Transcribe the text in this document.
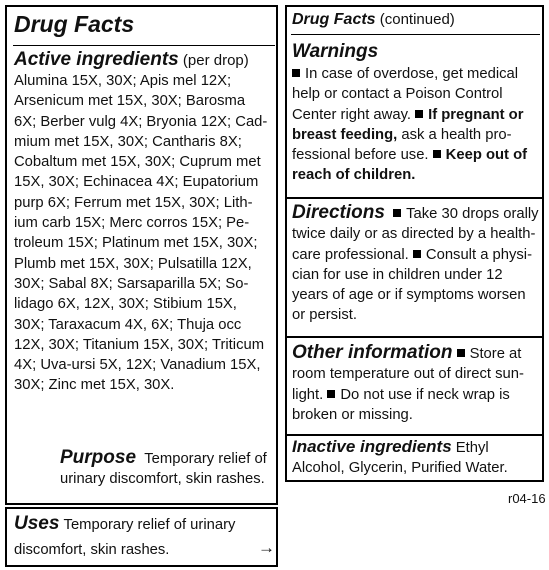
Drug Facts
Active ingredients (per drop)
Alumina 15X, 30X; Apis mel 12X;
Arsenicum met 15X, 30X; Barosma
6X; Berber vulg 4X; Bryonia 12X; Cad-
mium met 15X, 30X; Cantharis 8X;
Cobaltum met 15X, 30X; Cuprum met
15X, 30X; Echinacea 4X; Eupatorium
purp 6X; Ferrum met 15X, 30X; Lith-
ium carb 15X; Merc corros 15X; Pe-
troleum 15X; Platinum met 15X, 30X;
Plumb met 15X, 30X; Pulsatilla 12X,
30X; Sabal 8X; Sarsaparilla 5X; So-
lidago 6X, 12X, 30X; Stibium 15X,
30X; Taraxacum 4X, 6X; Thuja occ
12X, 30X; Titanium 15X, 30X; Triticum
4X; Uva-ursi 5X, 12X; Vanadium 15X,
30X; Zinc met 15X, 30X.
Purpose Temporary relief of
urinary discomfort, skin rashes.
Uses Temporary relief of urinary
discomfort, skin rashes.	→
Drug Facts (continued)
Warnings
In case of overdose, get medical
help or contact a Poison Control
Center right away. If pregnant or
breast feeding, ask a health pro-
fessional before use. Keep out of
reach of children.
Directions Take 30 drops orally
twice daily or as directed by a health-
care professional. Consult a physi-
cian for use in children under 12
years of age or if symptoms worsen
or persist.
Other information Store at
room temperature out of direct sun-
light. Do not use if neck wrap is
broken or missing.
Inactive ingredients Ethyl
Alcohol, Glycerin, Purified Water.
r04-16
